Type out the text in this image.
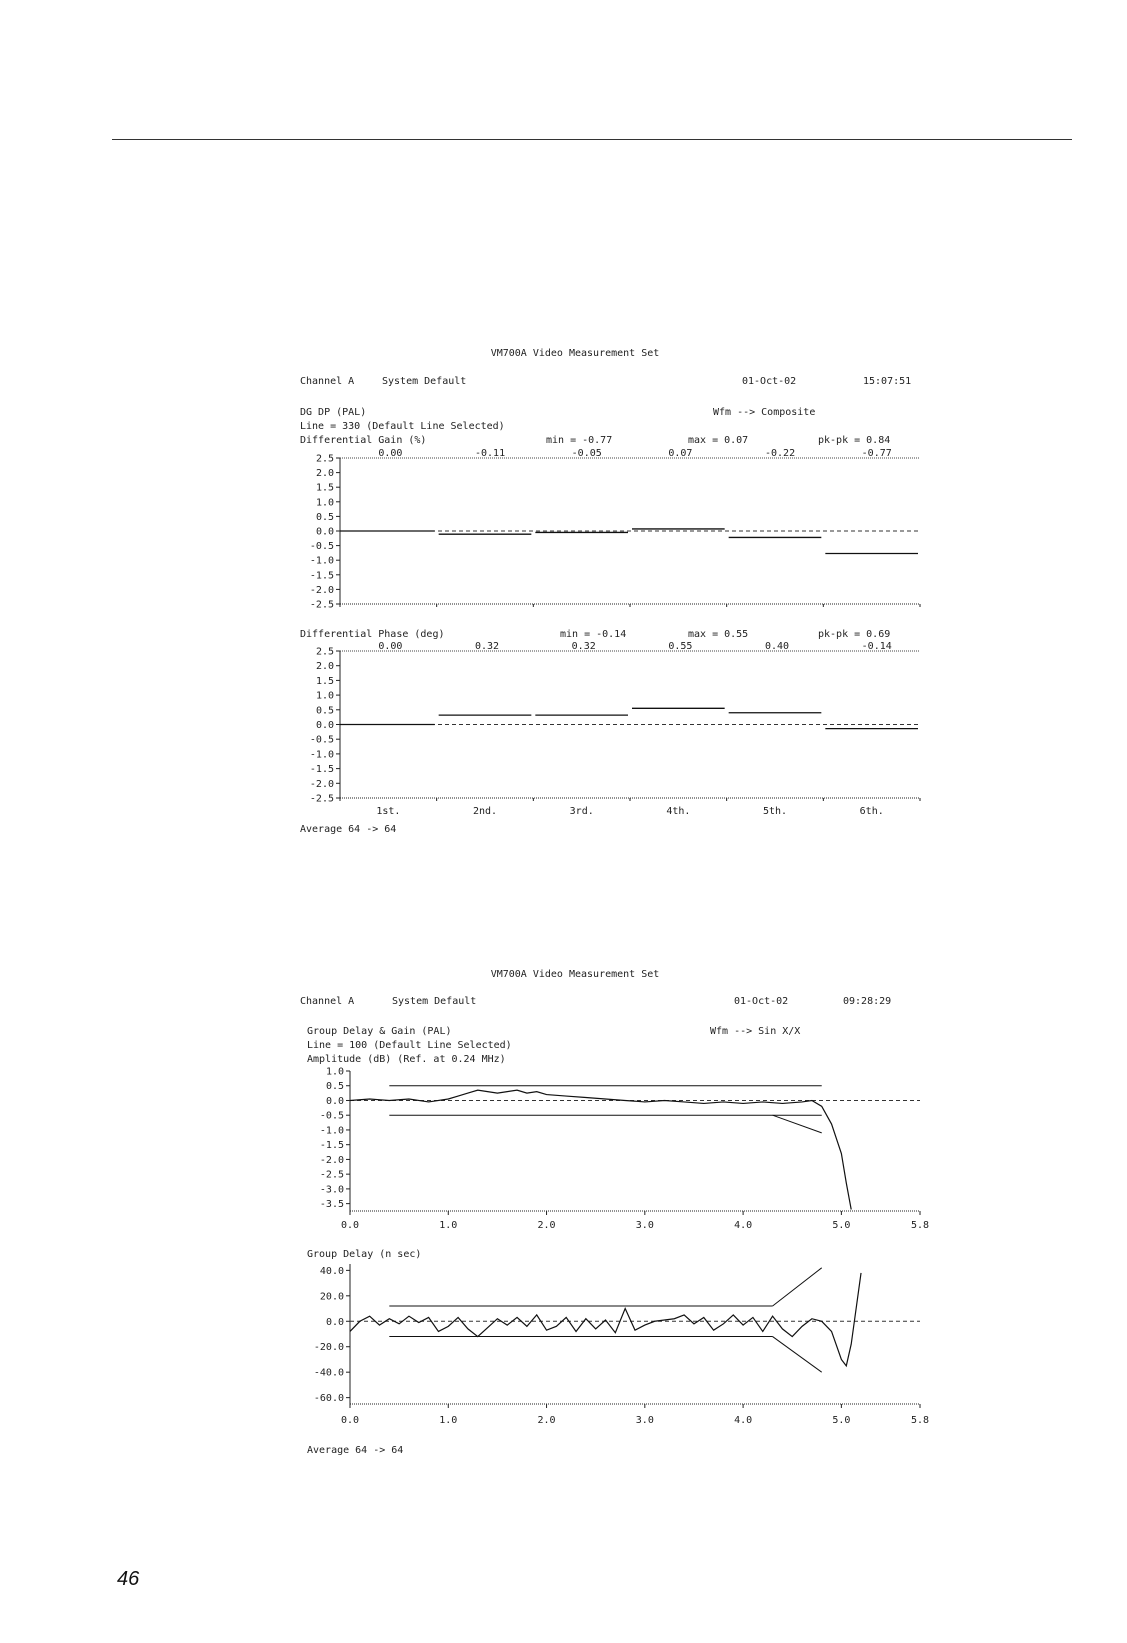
VM700A Video Measurement Set
Channel A	System Default	01-Oct-02	15:07:51
DG DP (PAL)	Wfm --> Composite
Line = 330 (Default Line Selected)
Differential Gain (%)	min = -0.77	max = 0.07	pk-pk = 0.84
2.5
2.0
1.5
1.0
0.5
0.0
-0.5
-1.0
-1.5
-2.0
-2.5
0.00	-0.11	-0.05	0.07	-0.22	-0.77
Differential Phase (deg)	min = -0.14	max = 0.55	pk-pk = 0.69
2.5
2.0
1.5
1.0
0.5
0.0
-0.5
-1.0
-1.5
-2.0
-2.5
0.00	0.32	0.32	0.55	0.40	-0.14
1st.	2nd.	3rd.	4th.	5th.	6th.
Average 64 -> 64
VM700A Video Measurement Set
Channel A	System Default	01-Oct-02	09:28:29
Group Delay & Gain (PAL)	Wfm --> Sin X/X
Line = 100 (Default Line Selected)
Amplitude (dB) (Ref. at 0.24 MHz)
1.0
0.5
0.0
-0.5
-1.0
-1.5
-2.0
-2.5
-3.0
-3.5
0.0	1.0	2.0	3.0	4.0	5.0	5.8
Group Delay (n sec)
40.0
20.0
0.0
-20.0
-40.0
-60.0
0.0	1.0	2.0	3.0	4.0	5.0	5.8
Average 64 -> 64
46
